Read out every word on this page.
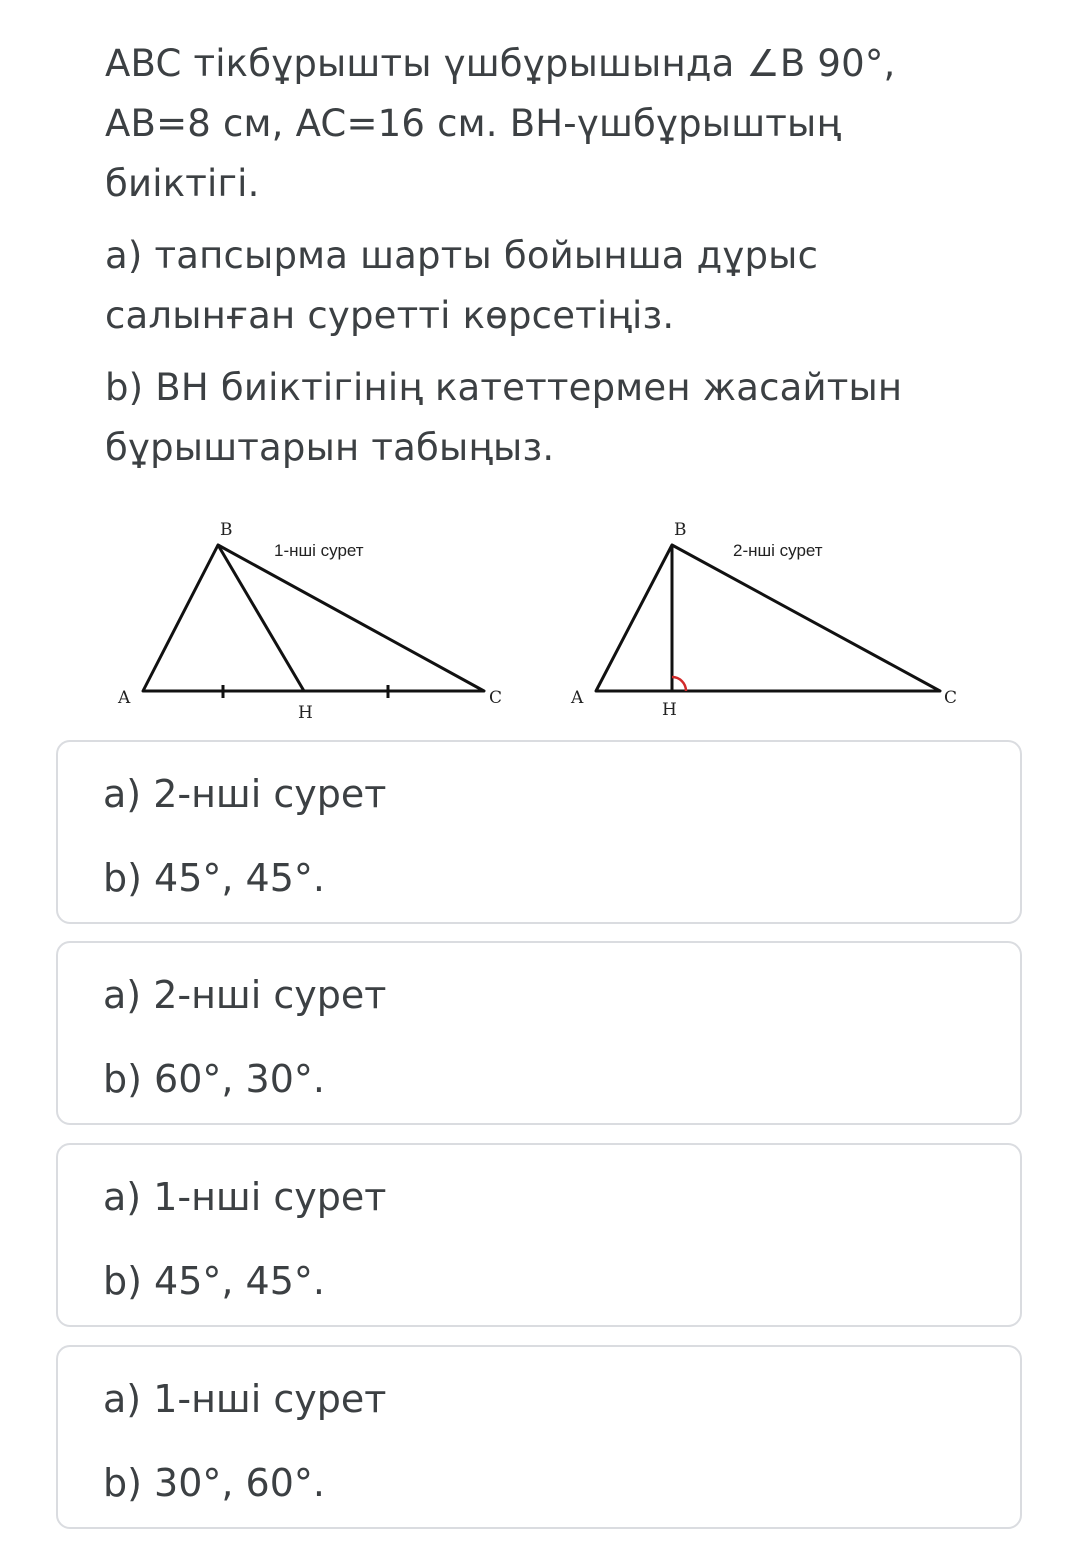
ABC тікбұрышты үшбұрышында ∠B 90°, AB=8 см, AC=16 см. BH-үшбұрыштың биіктігі.

a) тапсырма шарты бойынша дұрыс салынған суретті көрсетіңіз.

b) BH биіктігінің катеттермен жасайтын бұрыштарын табыңыз.

B
A	C
H
1-нші сурет
B
A	C
H
2-нші сурет
a) 2-нші сурет
b) 45°, 45°.
a) 2-нші сурет
b) 60°, 30°.
a) 1-нші сурет
b) 45°, 45°.
a) 1-нші сурет
b) 30°, 60°.
